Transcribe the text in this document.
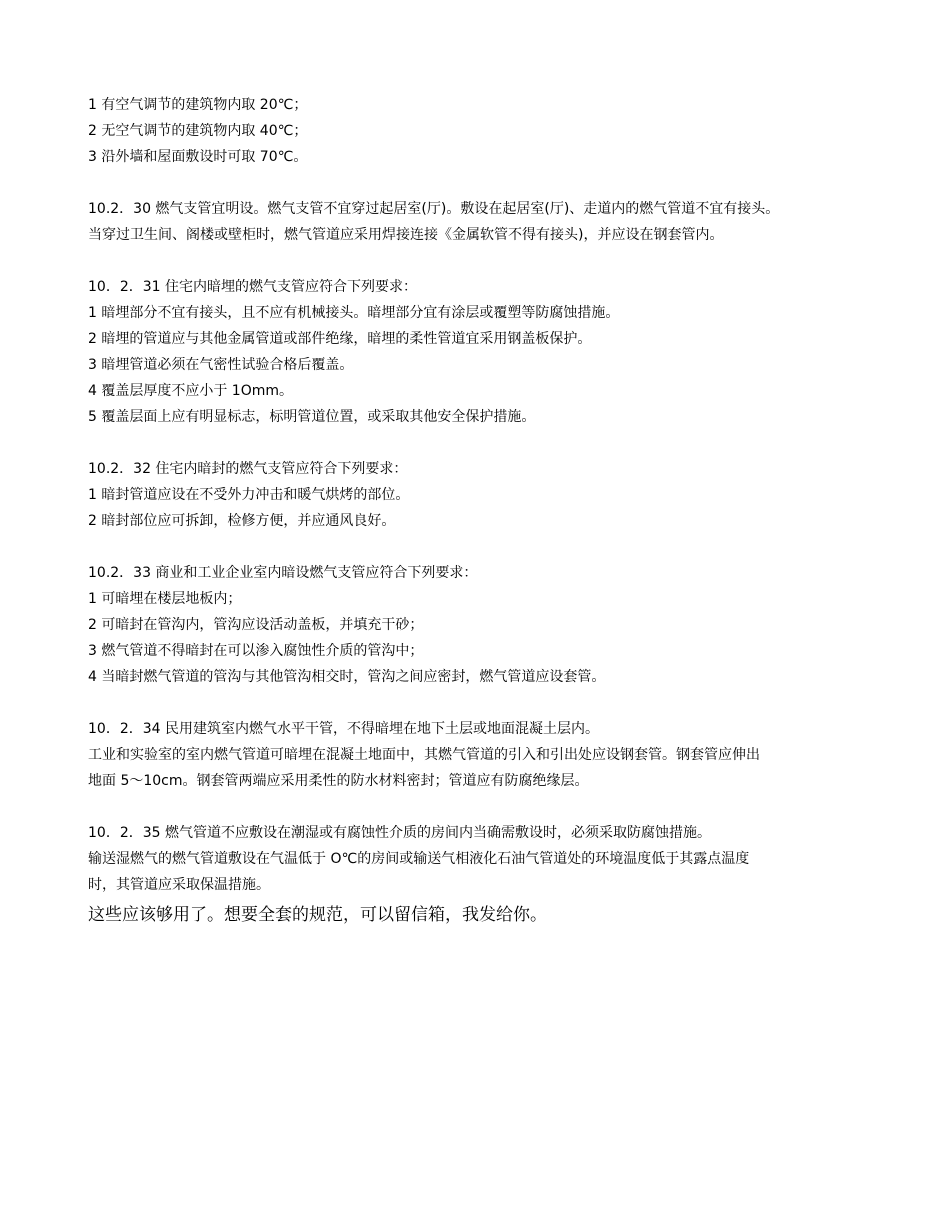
1 有空气调节的建筑物内取 20℃；
2 无空气调节的建筑物内取 40℃；
3 沿外墙和屋面敷设时可取 70℃。
10.2．30 燃气支管宜明设。燃气支管不宜穿过起居室(厅)。敷设在起居室(厅)、走道内的燃气管道不宜有接头。
当穿过卫生间、阁楼或壁柜时，燃气管道应采用焊接连接《金属软管不得有接头)，并应设在钢套管内。
10．2．31 住宅内暗埋的燃气支管应符合下列要求：
1 暗埋部分不宜有接头，且不应有机械接头。暗埋部分宜有涂层或覆塑等防腐蚀措施。
2 暗埋的管道应与其他金属管道或部件绝缘，暗埋的柔性管道宜采用钢盖板保护。
3 暗埋管道必须在气密性试验合格后覆盖。
4 覆盖层厚度不应小于 1Omm。
5 覆盖层面上应有明显标志，标明管道位置，或采取其他安全保护措施。
10.2．32 住宅内暗封的燃气支管应符合下列要求：
1 暗封管道应设在不受外力冲击和暖气烘烤的部位。
2 暗封部位应可拆卸，检修方便，并应通风良好。
10.2．33 商业和工业企业室内暗设燃气支管应符合下列要求：
1 可暗埋在楼层地板内；
2 可暗封在管沟内，管沟应设活动盖板，并填充干砂；
3 燃气管道不得暗封在可以渗入腐蚀性介质的管沟中；
4 当暗封燃气管道的管沟与其他管沟相交时，管沟之间应密封，燃气管道应设套管。
10．2．34 民用建筑室内燃气水平干管，不得暗埋在地下土层或地面混凝土层内。
工业和实验室的室内燃气管道可暗埋在混凝土地面中，其燃气管道的引入和引出处应设钢套管。钢套管应伸出
地面 5～10cm。钢套管两端应采用柔性的防水材料密封；管道应有防腐绝缘层。
10．2．35 燃气管道不应敷设在潮湿或有腐蚀性介质的房间内当确需敷设时，必须采取防腐蚀措施。
输送湿燃气的燃气管道敷设在气温低于 O℃的房间或输送气相液化石油气管道处的环境温度低于其露点温度
时，其管道应采取保温措施。
这些应该够用了。想要全套的规范，可以留信箱，我发给你。
